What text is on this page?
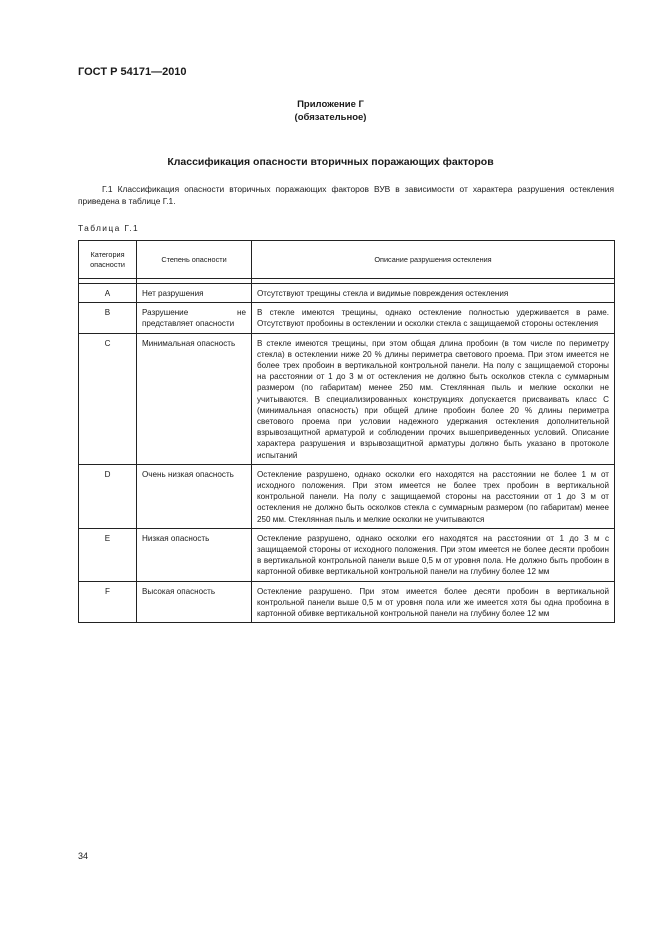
ГОСТ Р 54171—2010
Приложение Г
(обязательное)
Классификация опасности вторичных поражающих факторов
Г.1 Классификация опасности вторичных поражающих факторов ВУВ в зависимости от характера разрушения остекления приведена в таблице Г.1.
Таблица Г.1
Категория опасности	Степень опасности	Описание разрушения остекления

A	Нет разрушения	Отсутствуют трещины стекла и видимые повреждения остекления
B	Разрушение не представляет опасности	В стекле имеются трещины, однако остекление полностью удерживается в раме. Отсутствуют пробоины в остеклении и осколки стекла с защищаемой стороны остекления
C	Минимальная опасность	В стекле имеются трещины, при этом общая длина пробоин (в том числе по периметру стекла) в остеклении ниже 20 % длины периметра светового проема. При этом имеется не более трех пробоин в вертикальной контрольной панели. На полу с защищаемой стороны на расстоянии от 1 до 3 м от остекления не должно быть осколков стекла с суммарным размером (по габаритам) менее 250 мм. Стеклянная пыль и мелкие осколки не учитываются. В специализированных конструкциях допускается присваивать класс С (минимальная опасность) при общей длине пробоин более 20 % длины периметра светового проема при условии надежного удержания остекления дополнительной взрывозащитной арматурой и соблюдении прочих вышеприведенных условий. Описание характера разрушения и взрывозащитной арматуры должно быть указано в протоколе испытаний
D	Очень низкая опасность	Остекление разрушено, однако осколки его находятся на расстоянии не более 1 м от исходного положения. При этом имеется не более трех пробоин в вертикальной контрольной панели. На полу с защищаемой стороны на расстоянии от 1 до 3 м от остекления не должно быть осколков стекла с суммарным размером (по габаритам) менее 250 мм. Стеклянная пыль и мелкие осколки не учитываются
E	Низкая опасность	Остекление разрушено, однако осколки его находятся на расстоянии от 1 до 3 м с защищаемой стороны от исходного положения. При этом имеется не более десяти пробоин в вертикальной контрольной панели выше 0,5 м от уровня пола. Не должно быть пробоин в картонной обивке вертикальной контрольной панели на глубину более 12 мм
F	Высокая опасность	Остекление разрушено. При этом имеется более десяти пробоин в вертикальной контрольной панели выше 0,5 м от уровня пола или же имеется хотя бы одна пробоина в картонной обивке вертикальной контрольной панели на глубину более 12 мм
34
